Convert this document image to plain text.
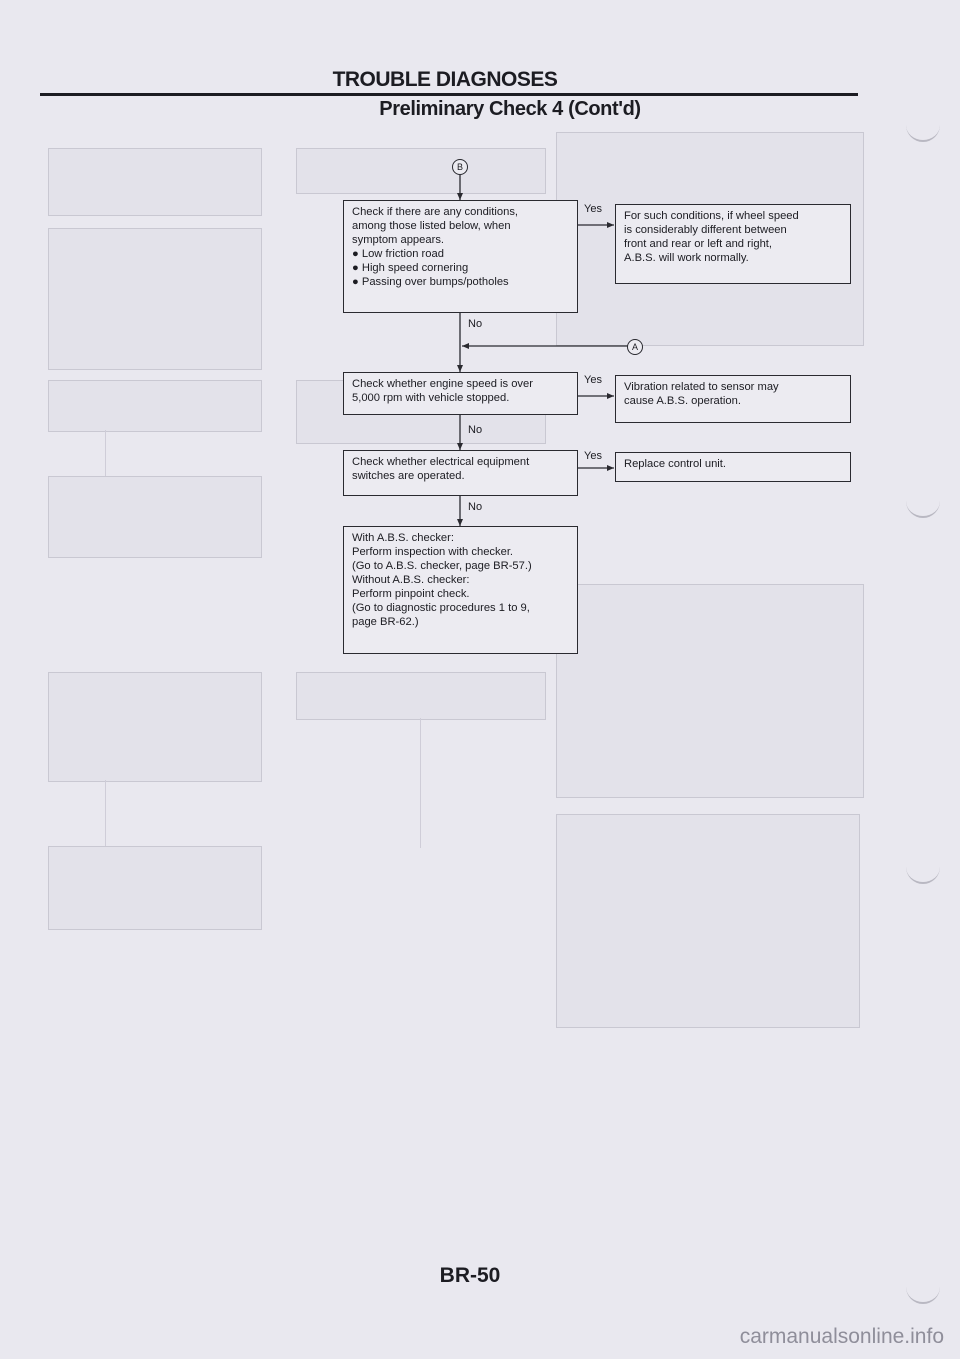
TROUBLE DIAGNOSES
Preliminary Check 4 (Cont'd)
B
A
Check if there are any conditions,
among those listed below, when
symptom appears.
● Low friction road
● High speed cornering
● Passing over bumps/potholes
For such conditions, if wheel speed
is considerably different between
front and rear or left and right,
A.B.S. will work normally.
Check whether engine speed is over
5,000 rpm with vehicle stopped.
Vibration related to sensor may
cause A.B.S. operation.
Check whether electrical equipment
switches are operated.
Replace control unit.
With A.B.S. checker:
Perform inspection with checker.
(Go to A.B.S. checker, page BR-57.)
Without A.B.S. checker:
Perform pinpoint check.
(Go to diagnostic procedures 1 to 9,
page BR-62.)
Yes
Yes
Yes
No
No
No
BR-50
carmanualsonline.info
